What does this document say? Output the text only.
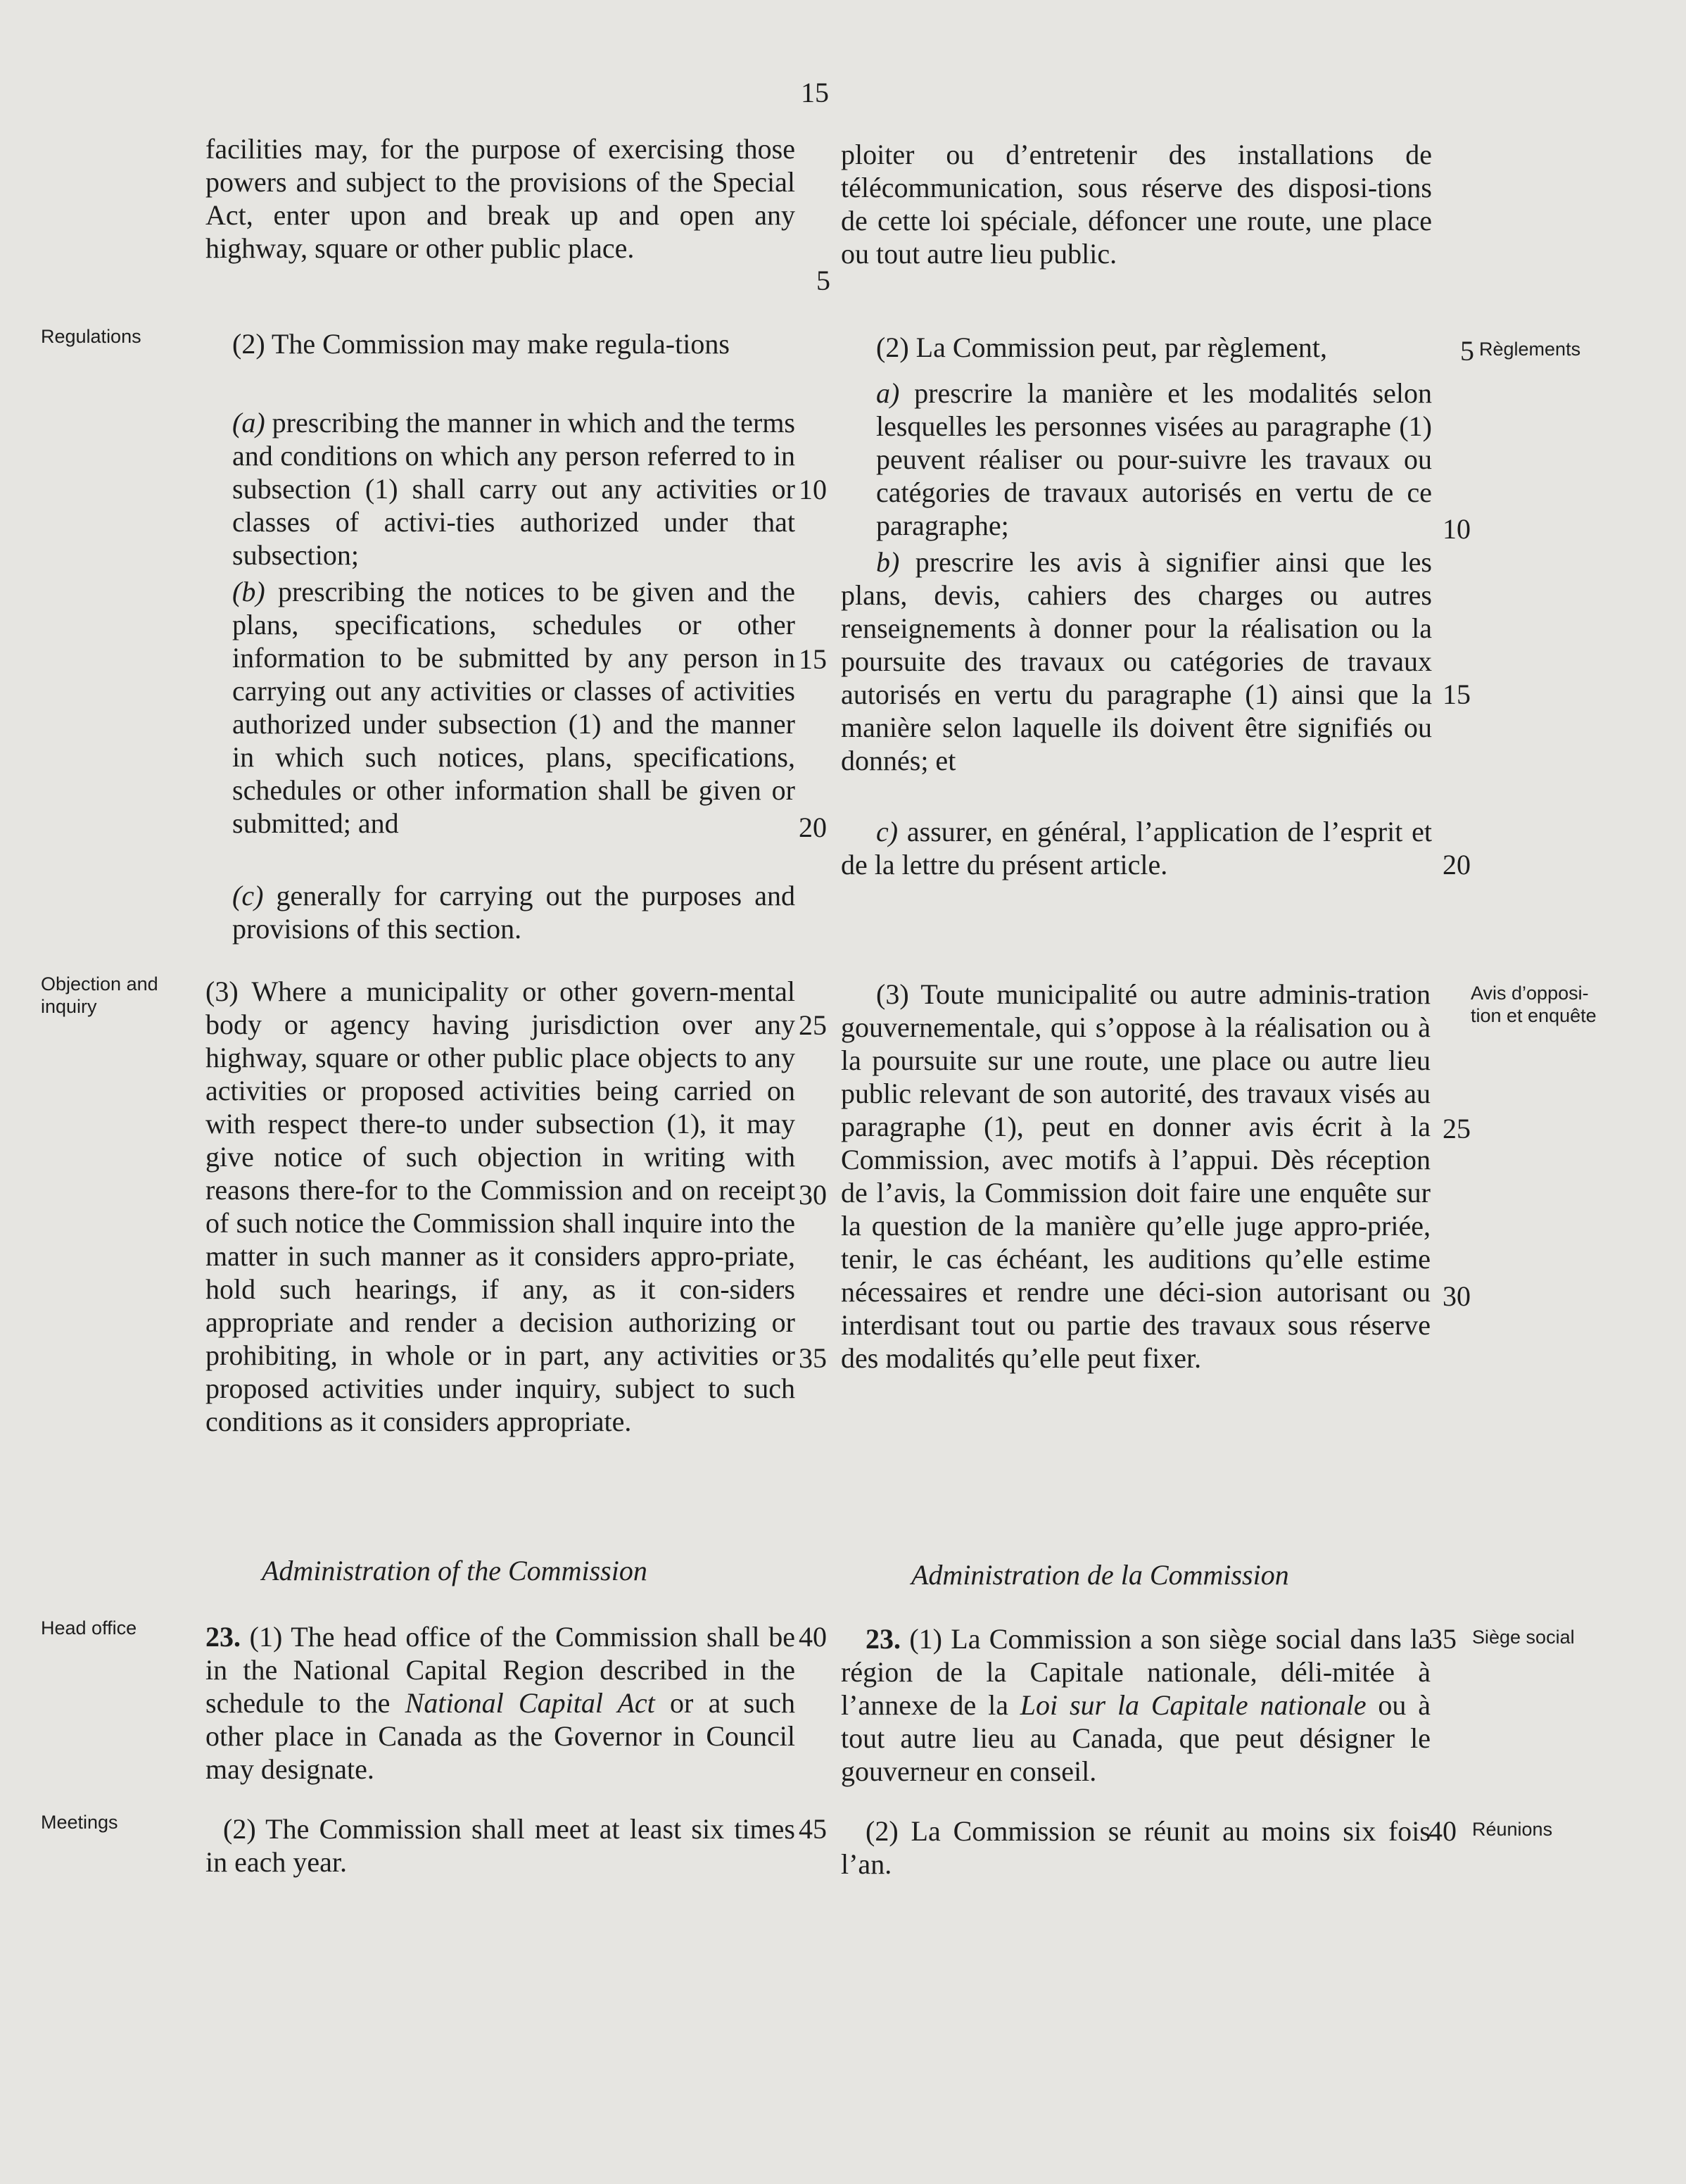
15

facilities may, for the purpose of exercising those powers and subject to the provisions of the Special Act, enter upon and break up and open any highway, square or other public place.

Regulations	(2) The Commission may make regula-tions

(a) prescribing the manner in which and the terms and conditions on which any person referred to in subsection (1) shall carry out any activities or classes of activi-ties authorized under that subsection;

(b) prescribing the notices to be given and the plans, specifications, schedules or other information to be submitted by any person in carrying out any activities or classes of activities authorized under subsection (1) and the manner in which such notices, plans, specifications, schedules or other information shall be given or submitted; and

(c) generally for carrying out the purposes and provisions of this section.

Objection and inquiry	(3) Where a municipality or other govern-mental body or agency having jurisdiction over any highway, square or other public place objects to any activities or proposed activities being carried on with respect there-to under subsection (1), it may give notice of such objection in writing with reasons there-for to the Commission and on receipt of such notice the Commission shall inquire into the matter in such manner as it considers appro-priate, hold such hearings, if any, as it con-siders appropriate and render a decision authorizing or prohibiting, in whole or in part, any activities or proposed activities under inquiry, subject to such conditions as it considers appropriate.

Administration of the Commission
Head office	23. (1) The head office of the Commission shall be in the National Capital Region described in the schedule to the National Capital Act or at such other place in Canada as the Governor in Council may designate.

Meetings	(2) The Commission shall meet at least six times in each year.

5
10
15
20
25
30
35
40
45

ploiter ou d’entretenir des installations de télécommunication, sous réserve des disposi-tions de cette loi spéciale, défoncer une route, une place ou tout autre lieu public.

(2) La Commission peut, par règlement,	Règlements

a) prescrire la manière et les modalités selon lesquelles les personnes visées au paragraphe (1) peuvent réaliser ou pour-suivre les travaux ou catégories de travaux autorisés en vertu de ce paragraphe;

b) prescrire les avis à signifier ainsi que les plans, devis, cahiers des charges ou autres renseignements à donner pour la réalisation ou la poursuite des travaux ou catégories de travaux autorisés en vertu du paragraphe (1) ainsi que la manière selon laquelle ils doivent être signifiés ou donnés; et

c) assurer, en général, l’application de l’esprit et de la lettre du présent article.

(3) Toute municipalité ou autre adminis-tration gouvernementale, qui s’oppose à la réalisation ou à la poursuite sur une route, une place ou autre lieu public relevant de son autorité, des travaux visés au paragraphe (1), peut en donner avis écrit à la Commission, avec motifs à l’appui. Dès réception de l’avis, la Commission doit faire une enquête sur la question de la manière qu’elle juge appro-priée, tenir, le cas échéant, les auditions qu’elle estime nécessaires et rendre une déci-sion autorisant ou interdisant tout ou partie des travaux sous réserve des modalités qu’elle peut fixer.

Avis d’opposi-tion et enquête
Administration de la Commission

23. (1) La Commission a son siège social dans la région de la Capitale nationale, déli-mitée à l’annexe de la Loi sur la Capitale nationale ou à tout autre lieu au Canada, que peut désigner le gouverneur en conseil.

Siège social

(2) La Commission se réunit au moins six fois l’an.

Réunions
5
10
15
20
25
30
35
40
